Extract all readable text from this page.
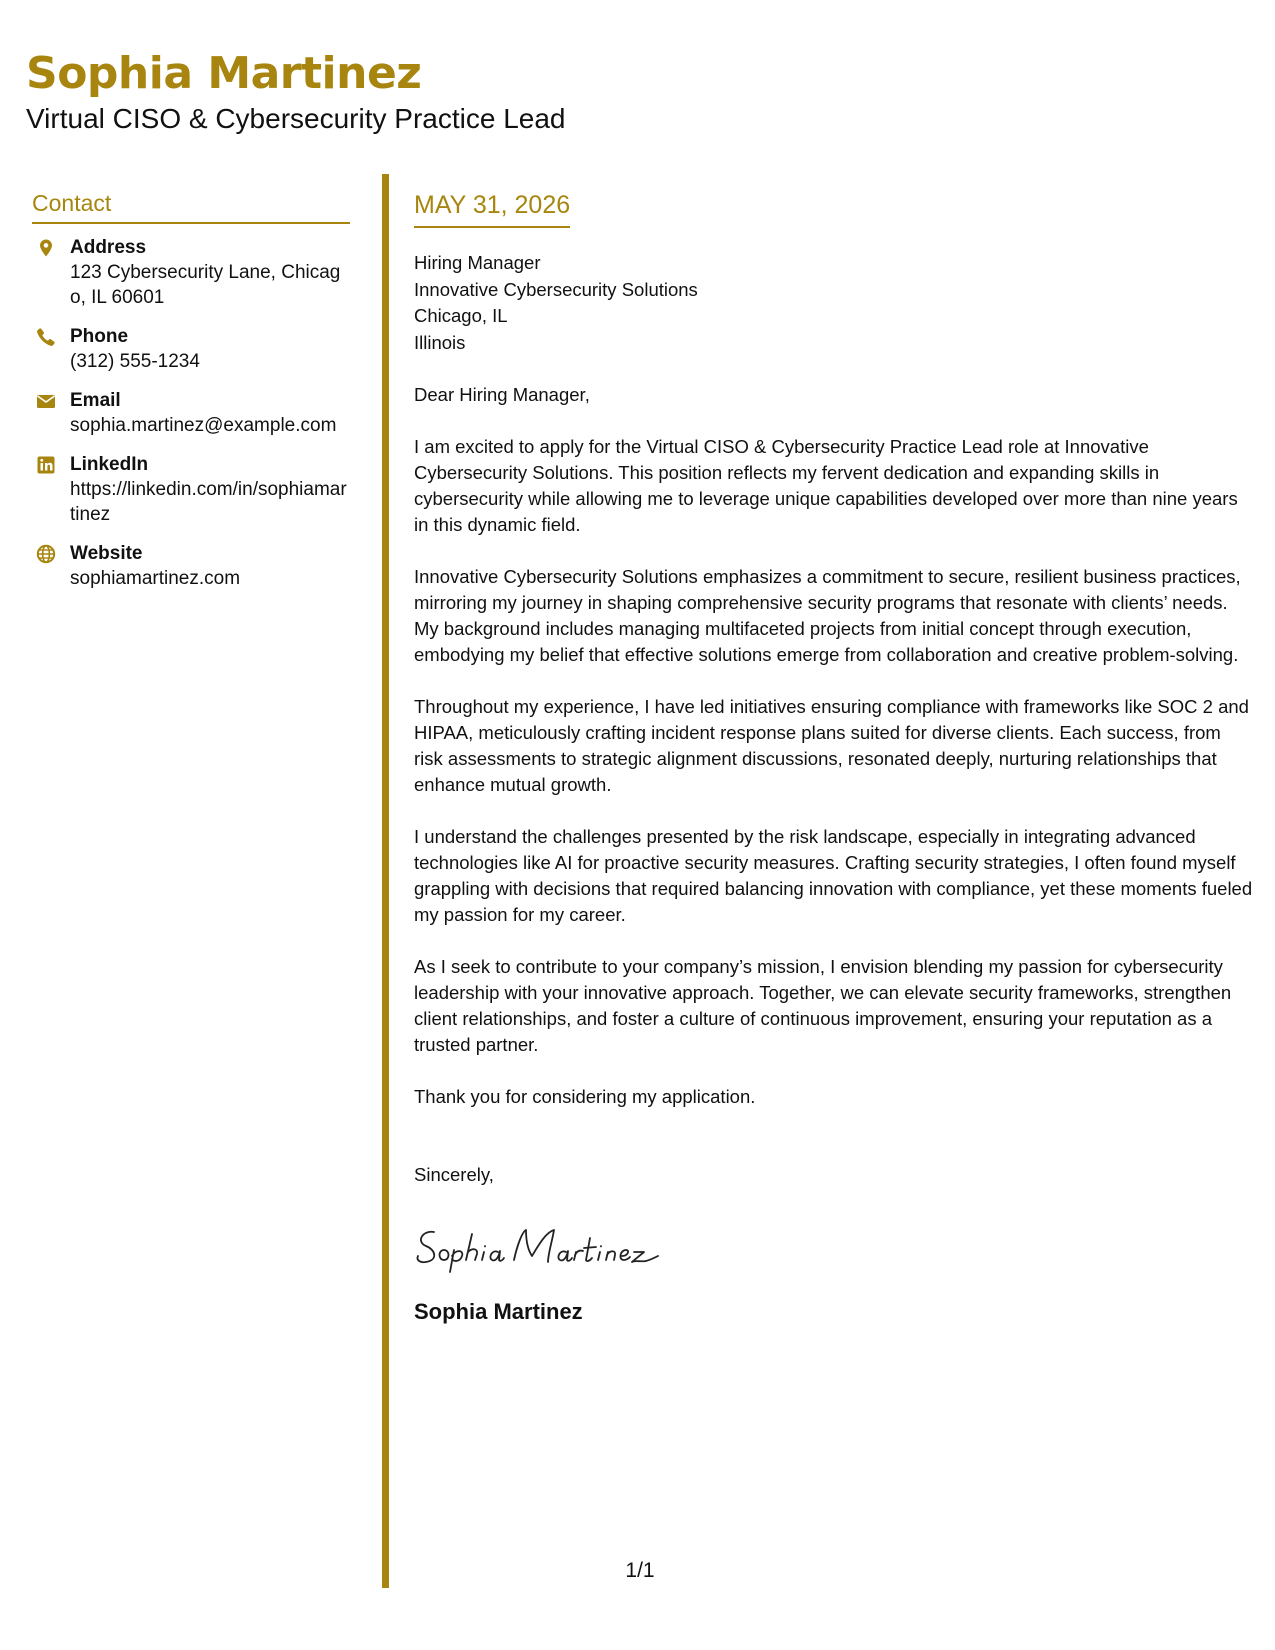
Sophia Martinez
Virtual CISO & Cybersecurity Practice Lead
Contact
Address
123 Cybersecurity Lane, Chicago, IL 60601
Phone
(312) 555-1234
Email
sophia.martinez@example.com
LinkedIn
https://linkedin.com/in/sophiamartinez
Website
sophiamartinez.com
MAY 31, 2026
Hiring Manager
Innovative Cybersecurity Solutions
Chicago, IL
Illinois

Dear Hiring Manager,

I am excited to apply for the Virtual CISO & Cybersecurity Practice Lead role at Innovative Cybersecurity Solutions. This position reflects my fervent dedication and expanding skills in cybersecurity while allowing me to leverage unique capabilities developed over more than nine years in this dynamic field.

Innovative Cybersecurity Solutions emphasizes a commitment to secure, resilient business practices, mirroring my journey in shaping comprehensive security programs that resonate with clients’ needs. My background includes managing multifaceted projects from initial concept through execution, embodying my belief that effective solutions emerge from collaboration and creative problem-solving.

Throughout my experience, I have led initiatives ensuring compliance with frameworks like SOC 2 and HIPAA, meticulously crafting incident response plans suited for diverse clients. Each success, from risk assessments to strategic alignment discussions, resonated deeply, nurturing relationships that enhance mutual growth.

I understand the challenges presented by the risk landscape, especially in integrating advanced technologies like AI for proactive security measures. Crafting security strategies, I often found myself grappling with decisions that required balancing innovation with compliance, yet these moments fueled my passion for my career.

As I seek to contribute to your company’s mission, I envision blending my passion for cybersecurity leadership with your innovative approach. Together, we can elevate security frameworks, strengthen client relationships, and foster a culture of continuous improvement, ensuring your reputation as a trusted partner.

Thank you for considering my application.

Sincerely,
Sophia Martinez
1/1
